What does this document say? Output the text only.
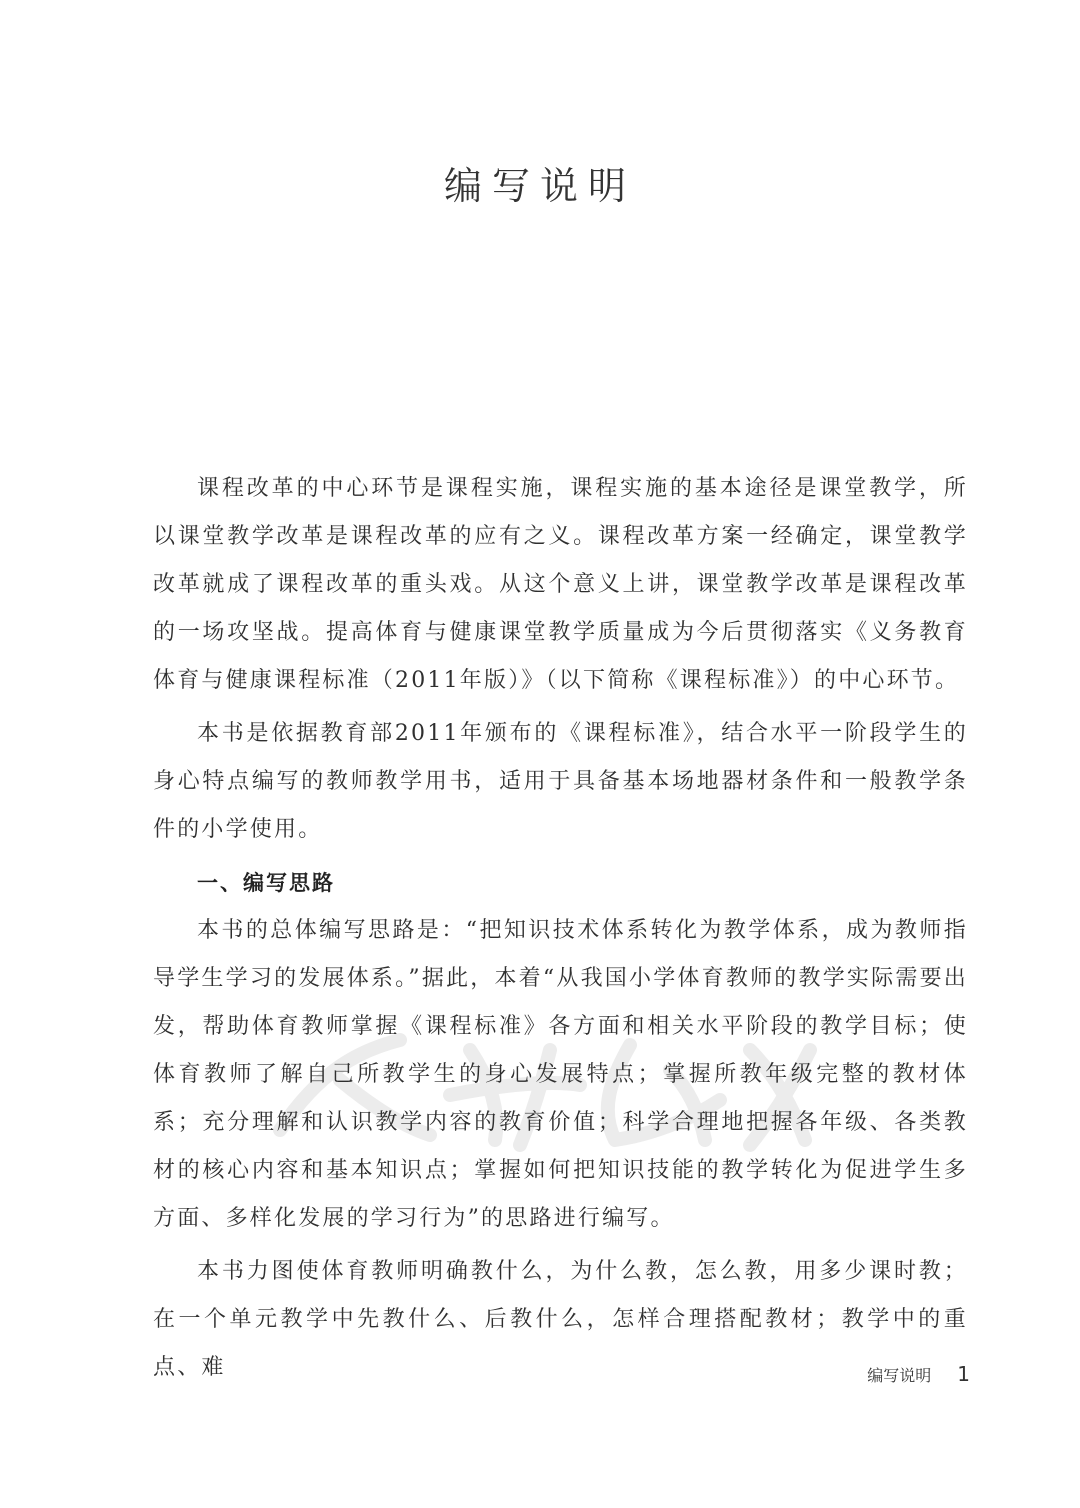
编写说明

课程改革的中心环节是课程实施，课程实施的基本途径是课堂教学，所以课堂教学改革是课程改革的应有之义。课程改革方案一经确定，课堂教学改革就成了课程改革的重头戏。从这个意义上讲，课堂教学改革是课程改革的一场攻坚战。提高体育与健康课堂教学质量成为今后贯彻落实《义务教育体育与健康课程标准（2011年版）》（以下简称《课程标准》）的中心环节。

本书是依据教育部2011年颁布的《课程标准》，结合水平一阶段学生的身心特点编写的教师教学用书，适用于具备基本场地器材条件和一般教学条件的小学使用。

一、编写思路

本书的总体编写思路是：“把知识技术体系转化为教学体系，成为教师指导学生学习的发展体系。”据此，本着“从我国小学体育教师的教学实际需要出发，帮助体育教师掌握《课程标准》各方面和相关水平阶段的教学目标；使体育教师了解自己所教学生的身心发展特点；掌握所教年级完整的教材体系；充分理解和认识教学内容的教育价值；科学合理地把握各年级、各类教材的核心内容和基本知识点；掌握如何把知识技能的教学转化为促进学生多方面、多样化发展的学习行为”的思路进行编写。

本书力图使体育教师明确教什么，为什么教，怎么教，用多少课时教；在一个单元教学中先教什么、后教什么，怎样合理搭配教材；教学中的重点、难	编写说明 1
